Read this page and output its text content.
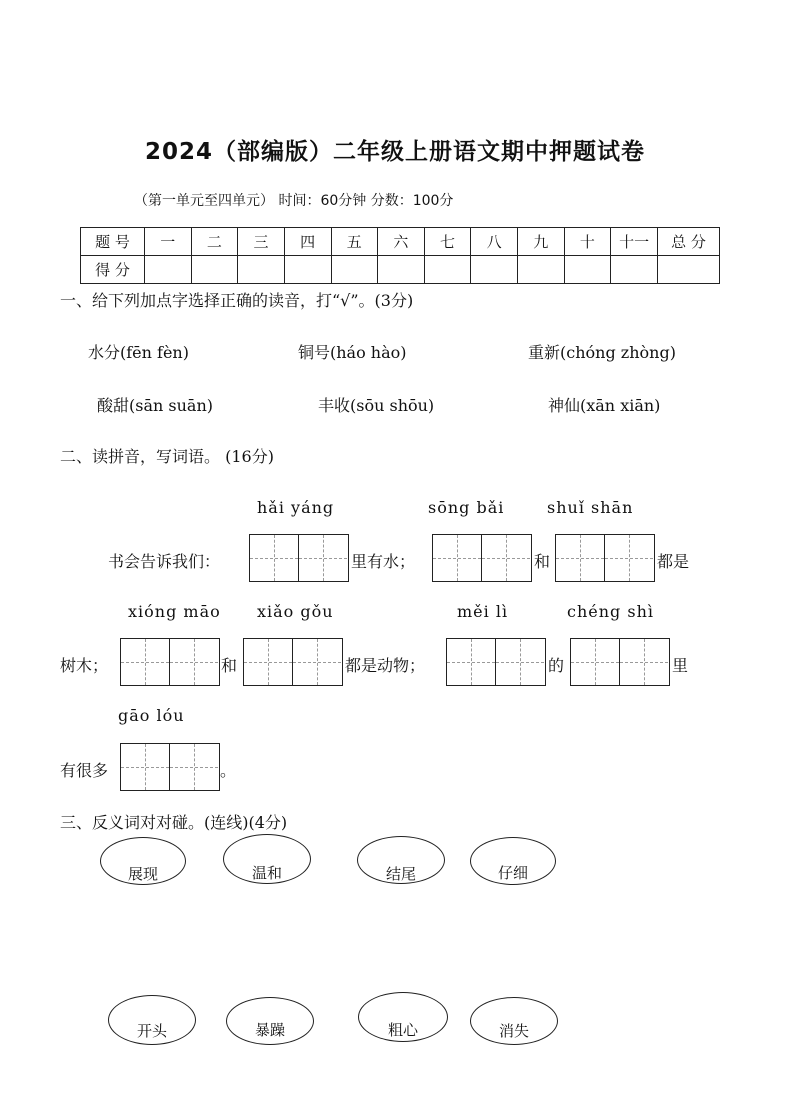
2024（部编版）二年级上册语文期中押题试卷
（第一单元至四单元） 时间：60分钟 分数：100分
题 号	一	二	三	四	五	六	七	八	九	十	十一	总 分
得 分												
一、给下列加点字选择正确的读音，打“√”。(3分)
水分(fēn fèn)	铜号(háo hào)	重新(chóng zhòng)
酸甜(sān suān)	丰收(sōu shōu)	神仙(xān xiān)
二、读拼音，写词语。 (16分)
hǎi yáng	sōng bǎi	shuǐ shān
书会告诉我们：	里有水；	和	都是
xióng māo xiǎo gǒu	měi lì	chéng shì
树木；	和	都是动物；	的	里
gāo lóu
有很多	。
三、反义词对对碰。(连线)(4分)
展现	温和	结尾	仔细
开头	暴躁	粗心	消失
